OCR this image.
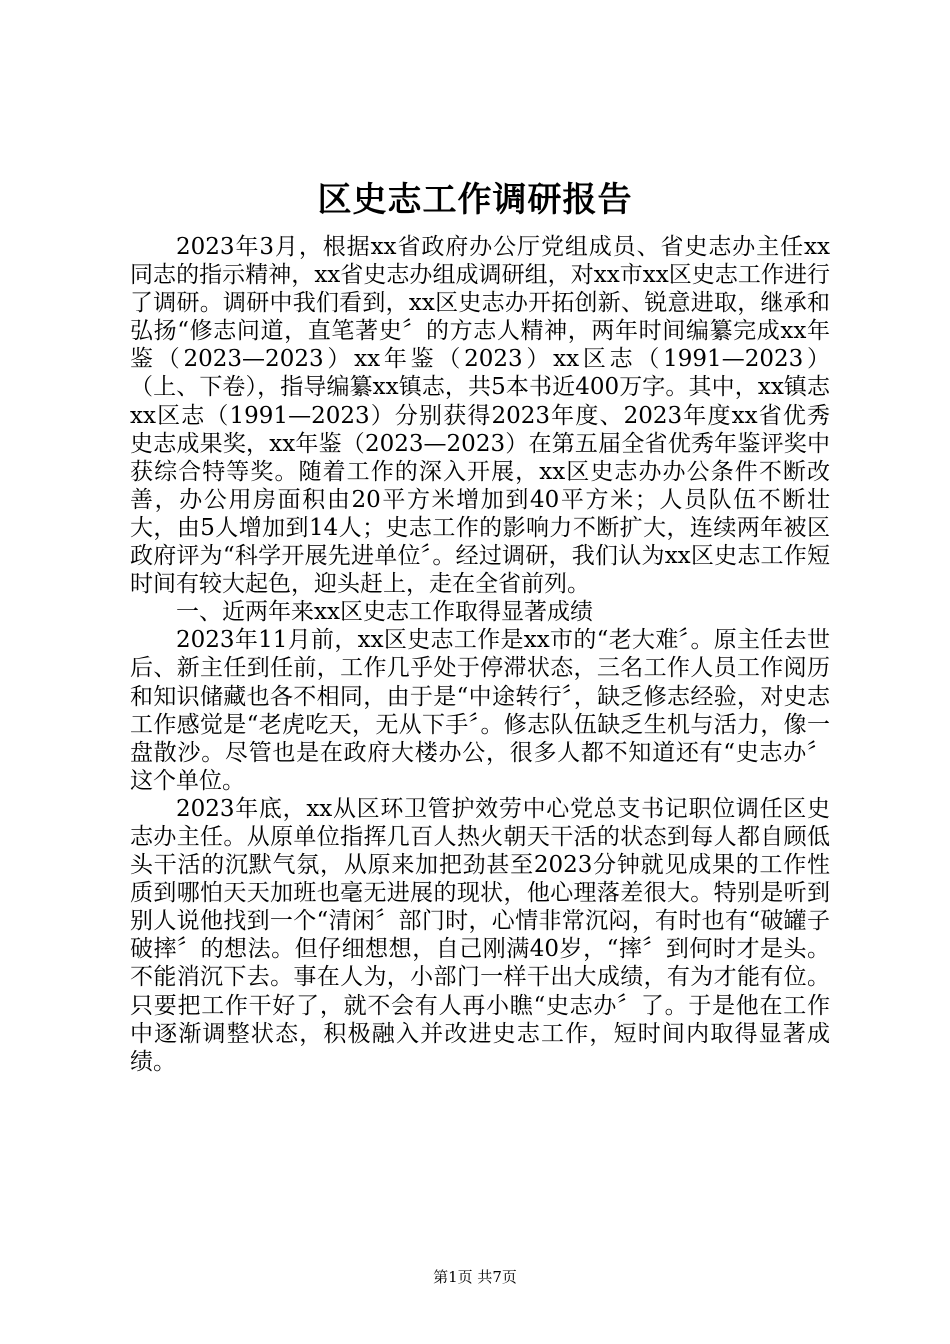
区史志工作调研报告

2023年3月，根据xx省政府办公厅党组成员、省史志办主任xx同志的指示精神，xx省史志办组成调研组，对xx市xx区史志工作进行了调研。调研中我们看到，xx区史志办开拓创新、锐意进取，继承和弘扬“修志问道，直笔著史〞的方志人精神，两年时间编纂完成xx年鉴（2023—2023）xx年鉴（2023）xx区志（1991—2023）（上、下卷），指导编纂xx镇志，共5本书近400万字。其中，xx镇志xx区志（1991—2023）分别获得2023年度、2023年度xx省优秀史志成果奖，xx年鉴（2023—2023）在第五届全省优秀年鉴评奖中获综合特等奖。随着工作的深入开展，xx区史志办办公条件不断改善，办公用房面积由20平方米增加到40平方米；人员队伍不断壮大，由5人增加到14人；史志工作的影响力不断扩大，连续两年被区政府评为“科学开展先进单位〞。经过调研，我们认为xx区史志工作短时间有较大起色，迎头赶上，走在全省前列。

一、近两年来xx区史志工作取得显著成绩

2023年11月前，xx区史志工作是xx市的“老大难〞。原主任去世后、新主任到任前，工作几乎处于停滞状态，三名工作人员工作阅历和知识储藏也各不相同，由于是“中途转行〞，缺乏修志经验，对史志工作感觉是“老虎吃天，无从下手〞。修志队伍缺乏生机与活力，像一盘散沙。尽管也是在政府大楼办公，很多人都不知道还有“史志办〞这个单位。

2023年底，xx从区环卫管护效劳中心党总支书记职位调任区史志办主任。从原单位指挥几百人热火朝天干活的状态到每人都自顾低头干活的沉默气氛，从原来加把劲甚至2023分钟就见成果的工作性质到哪怕天天加班也毫无进展的现状，他心理落差很大。特别是听到别人说他找到一个“清闲〞部门时，心情非常沉闷，有时也有“破罐子破摔〞的想法。但仔细想想，自己刚满40岁，“摔〞到何时才是头。不能消沉下去。事在人为，小部门一样干出大成绩，有为才能有位。只要把工作干好了，就不会有人再小瞧“史志办〞了。于是他在工作中逐渐调整状态，积极融入并改进史志工作，短时间内取得显著成绩。

第1页 共7页
